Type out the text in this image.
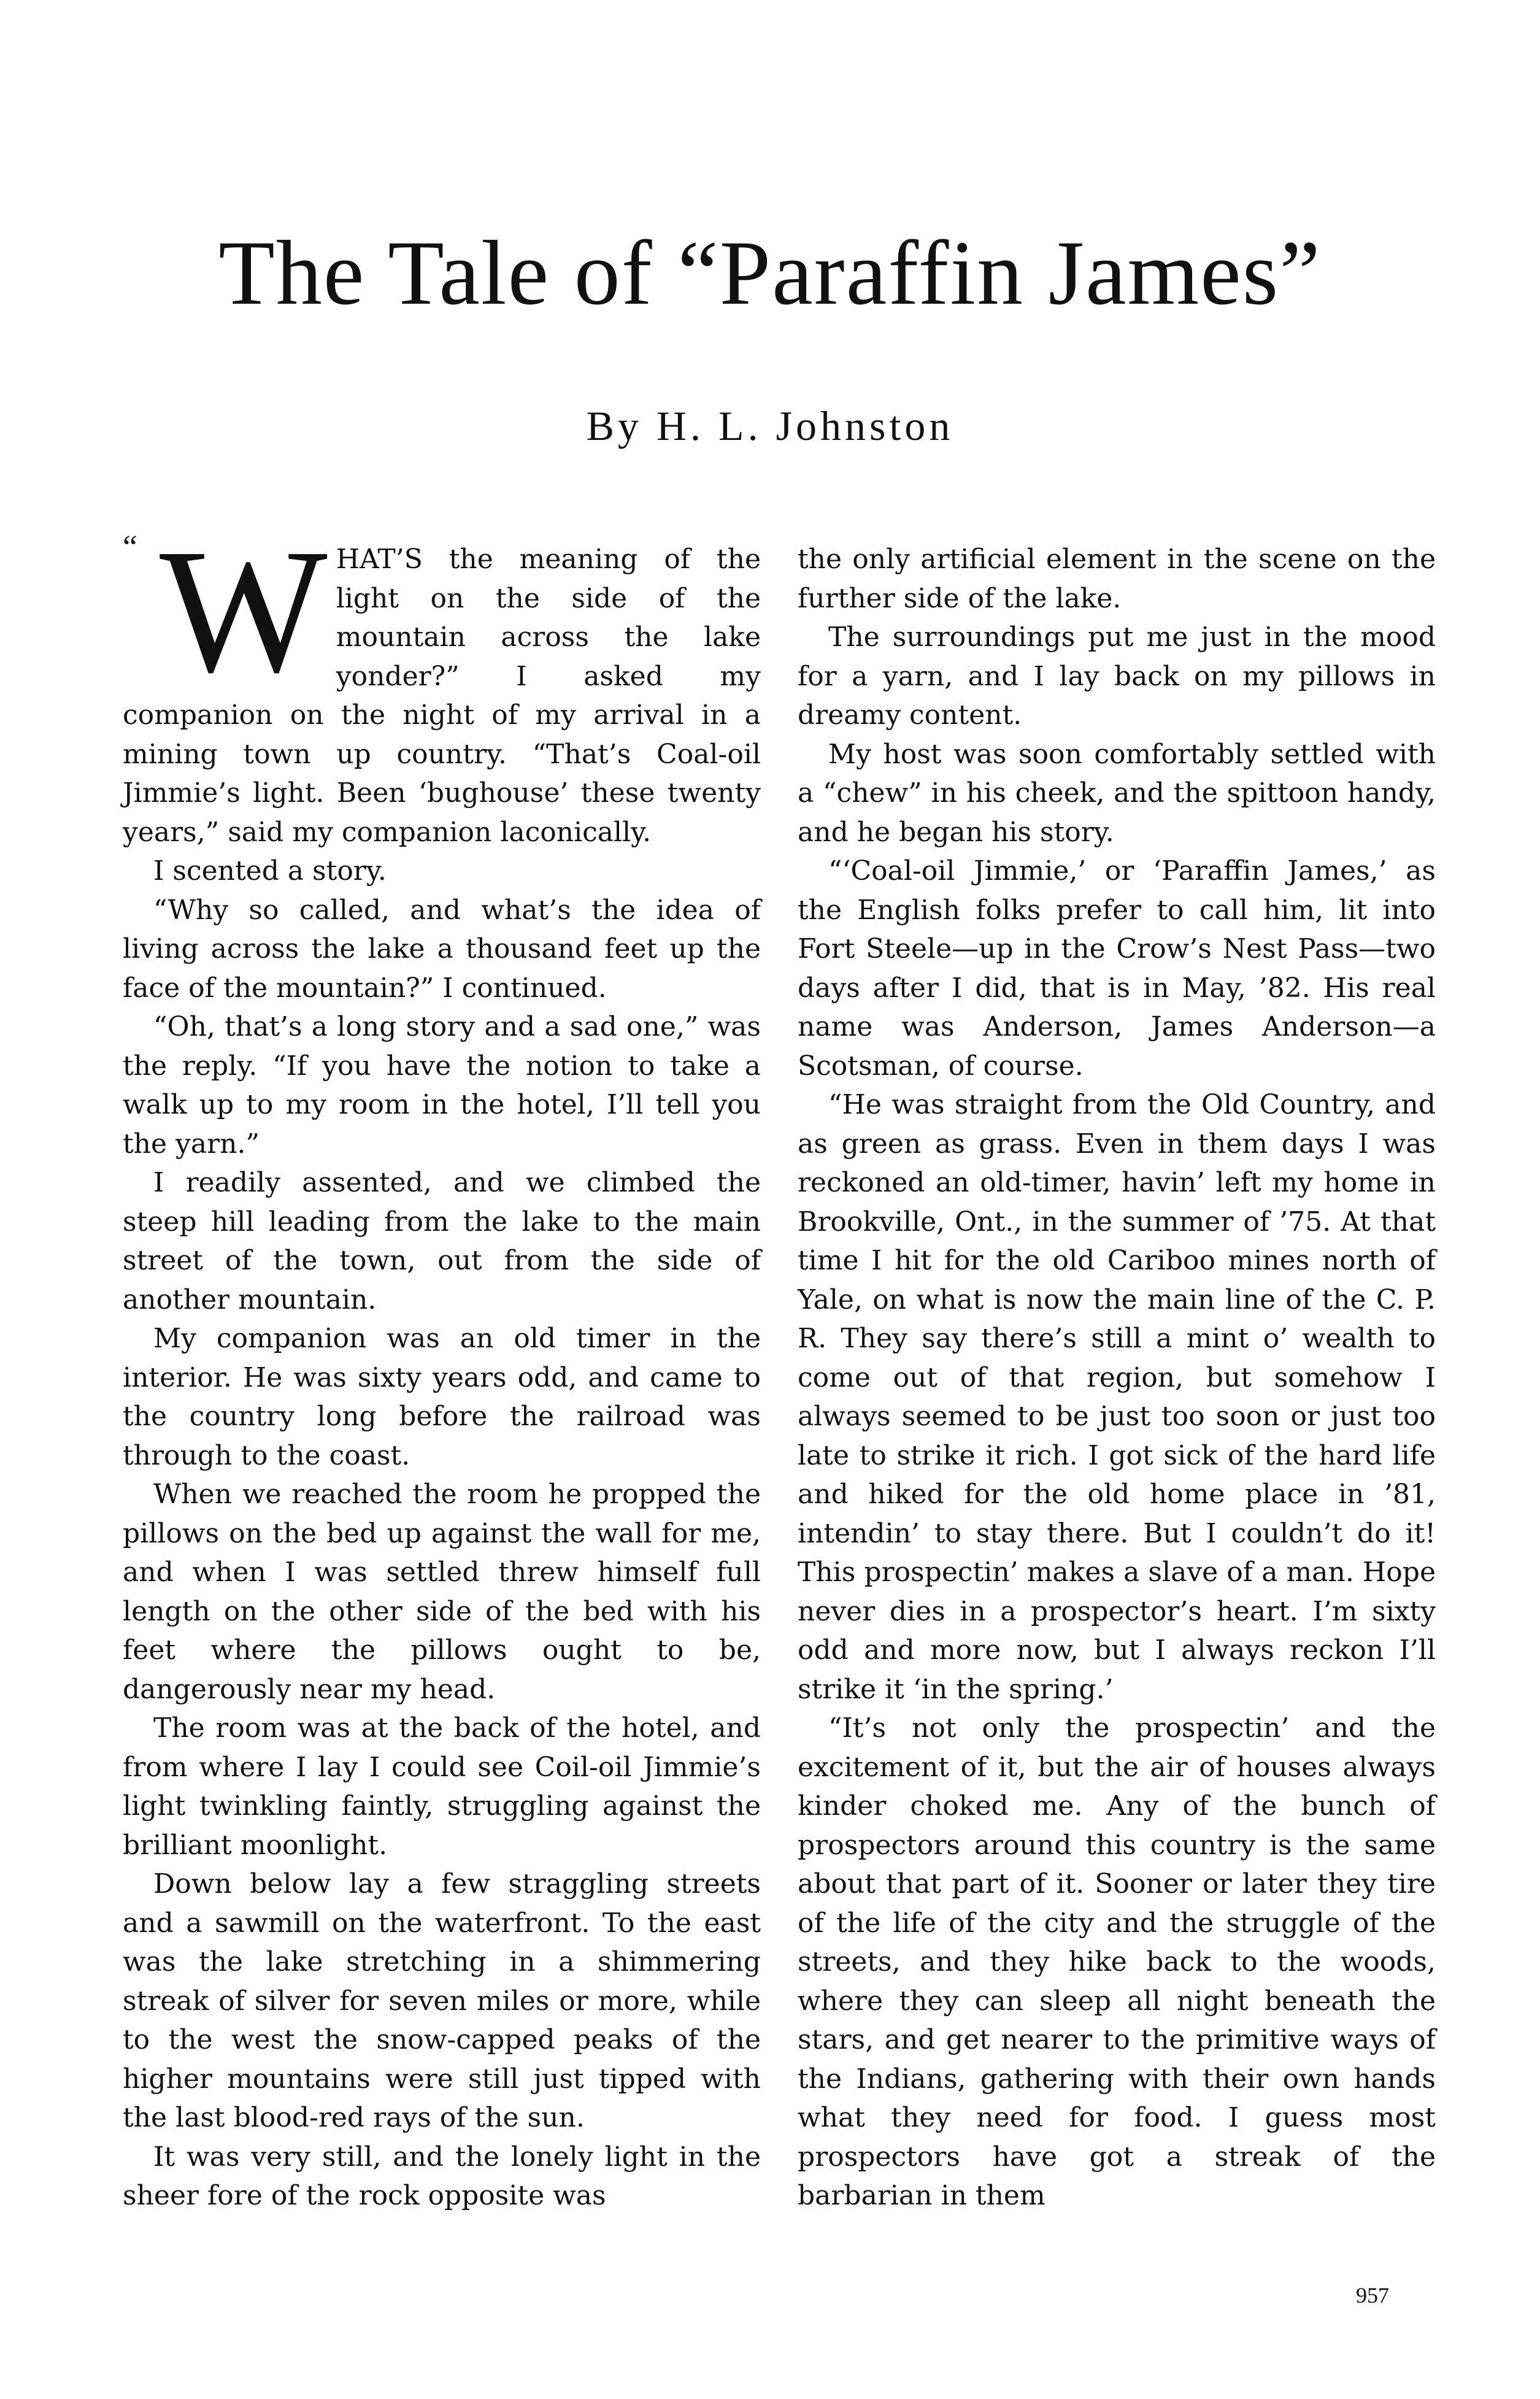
The Tale of “Paraffin James”
By H. L. Johnston
“ W HAT’S the meaning of the light on the side of the mountain across the lake yonder?” I asked my companion on the night of my arrival in a mining town up country. “That’s Coal-oil Jimmie’s light. Been ‘bughouse’ these twenty years,” said my companion laconically.

I scented a story.

“Why so called, and what’s the idea of living across the lake a thousand feet up the face of the mountain?” I continued.

“Oh, that’s a long story and a sad one,” was the reply. “If you have the notion to take a walk up to my room in the hotel, I’ll tell you the yarn.”

I readily assented, and we climbed the steep hill leading from the lake to the main street of the town, out from the side of another mountain.

My companion was an old timer in the interior. He was sixty years odd, and came to the country long before the railroad was through to the coast.

When we reached the room he propped the pillows on the bed up against the wall for me, and when I was settled threw himself full length on the other side of the bed with his feet where the pillows ought to be, dangerously near my head.

The room was at the back of the hotel, and from where I lay I could see Coil-oil Jimmie’s light twinkling faintly, struggling against the brilliant moonlight.

Down below lay a few straggling streets and a sawmill on the waterfront. To the east was the lake stretching in a shimmering streak of silver for seven miles or more, while to the west the snow-capped peaks of the higher mountains were still just tipped with the last blood-red rays of the sun.

It was very still, and the lonely light in the sheer fore of the rock opposite was

the only artificial element in the scene on the further side of the lake.

The surroundings put me just in the mood for a yarn, and I lay back on my pillows in dreamy content.

My host was soon comfortably settled with a “chew” in his cheek, and the spittoon handy, and he began his story.

“‘Coal-oil Jimmie,’ or ‘Paraffin James,’ as the English folks prefer to call him, lit into Fort Steele—up in the Crow’s Nest Pass—two days after I did, that is in May, ’82. His real name was Anderson, James Anderson—a Scotsman, of course.

“He was straight from the Old Country, and as green as grass. Even in them days I was reckoned an old-timer, havin’ left my home in Brookville, Ont., in the summer of ’75. At that time I hit for the old Cariboo mines north of Yale, on what is now the main line of the C. P. R. They say there’s still a mint o’ wealth to come out of that region, but somehow I always seemed to be just too soon or just too late to strike it rich. I got sick of the hard life and hiked for the old home place in ’81, intendin’ to stay there. But I couldn’t do it! This prospectin’ makes a slave of a man. Hope never dies in a prospector’s heart. I’m sixty odd and more now, but I always reckon I’ll strike it ‘in the spring.’

“It’s not only the prospectin’ and the excitement of it, but the air of houses always kinder choked me. Any of the bunch of prospectors around this country is the same about that part of it. Sooner or later they tire of the life of the city and the struggle of the streets, and they hike back to the woods, where they can sleep all night beneath the stars, and get nearer to the primitive ways of the Indians, gathering with their own hands what they need for food. I guess most prospectors have got a streak of the barbarian in them

957
